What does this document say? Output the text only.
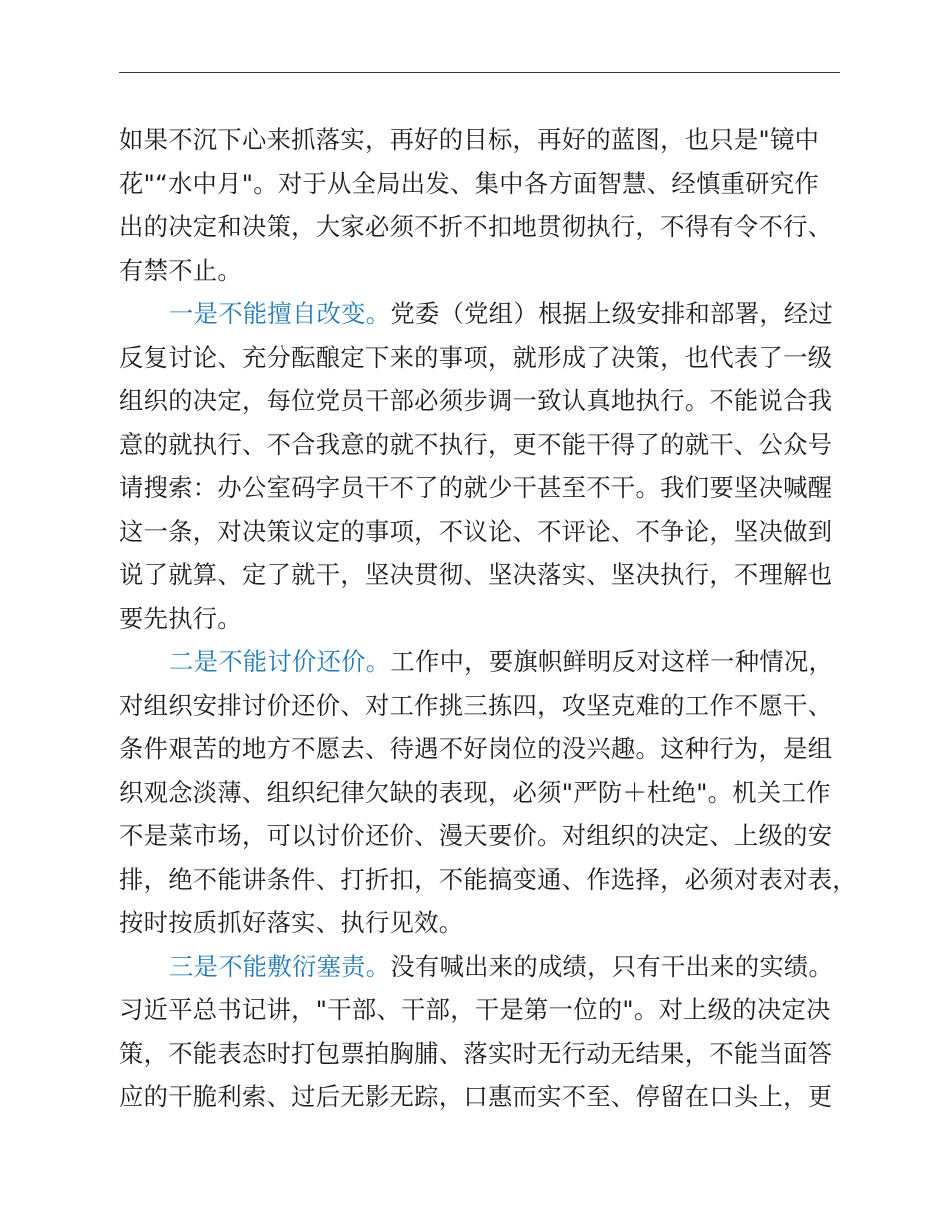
如果不沉下心来抓落实，再好的目标，再好的蓝图，也只是"镜中
花"“水中月"。对于从全局出发、集中各方面智慧、经慎重研究作
出的决定和决策，大家必须不折不扣地贯彻执行，不得有令不行、
有禁不止。
一是不能擅自改变。党委（党组）根据上级安排和部署，经过
反复讨论、充分酝酿定下来的事项，就形成了决策，也代表了一级
组织的决定，每位党员干部必须步调一致认真地执行。不能说合我
意的就执行、不合我意的就不执行，更不能干得了的就干、公众号
请搜索：办公室码字员干不了的就少干甚至不干。我们要坚决喊醒
这一条，对决策议定的事项，不议论、不评论、不争论，坚决做到
说了就算、定了就干，坚决贯彻、坚决落实、坚决执行，不理解也
要先执行。
二是不能讨价还价。工作中，要旗帜鲜明反对这样一种情况，
对组织安排讨价还价、对工作挑三拣四，攻坚克难的工作不愿干、
条件艰苦的地方不愿去、待遇不好岗位的没兴趣。这种行为，是组
织观念淡薄、组织纪律欠缺的表现，必须"严防＋杜绝"。机关工作
不是菜市场，可以讨价还价、漫天要价。对组织的决定、上级的安
排，绝不能讲条件、打折扣，不能搞变通、作选择，必须对表对表，
按时按质抓好落实、执行见效。
三是不能敷衍塞责。没有喊出来的成绩，只有干出来的实绩。
习近平总书记讲，"干部、干部，干是第一位的"。对上级的决定决
策，不能表态时打包票拍胸脯、落实时无行动无结果，不能当面答
应的干脆利索、过后无影无踪，口惠而实不至、停留在口头上，更
